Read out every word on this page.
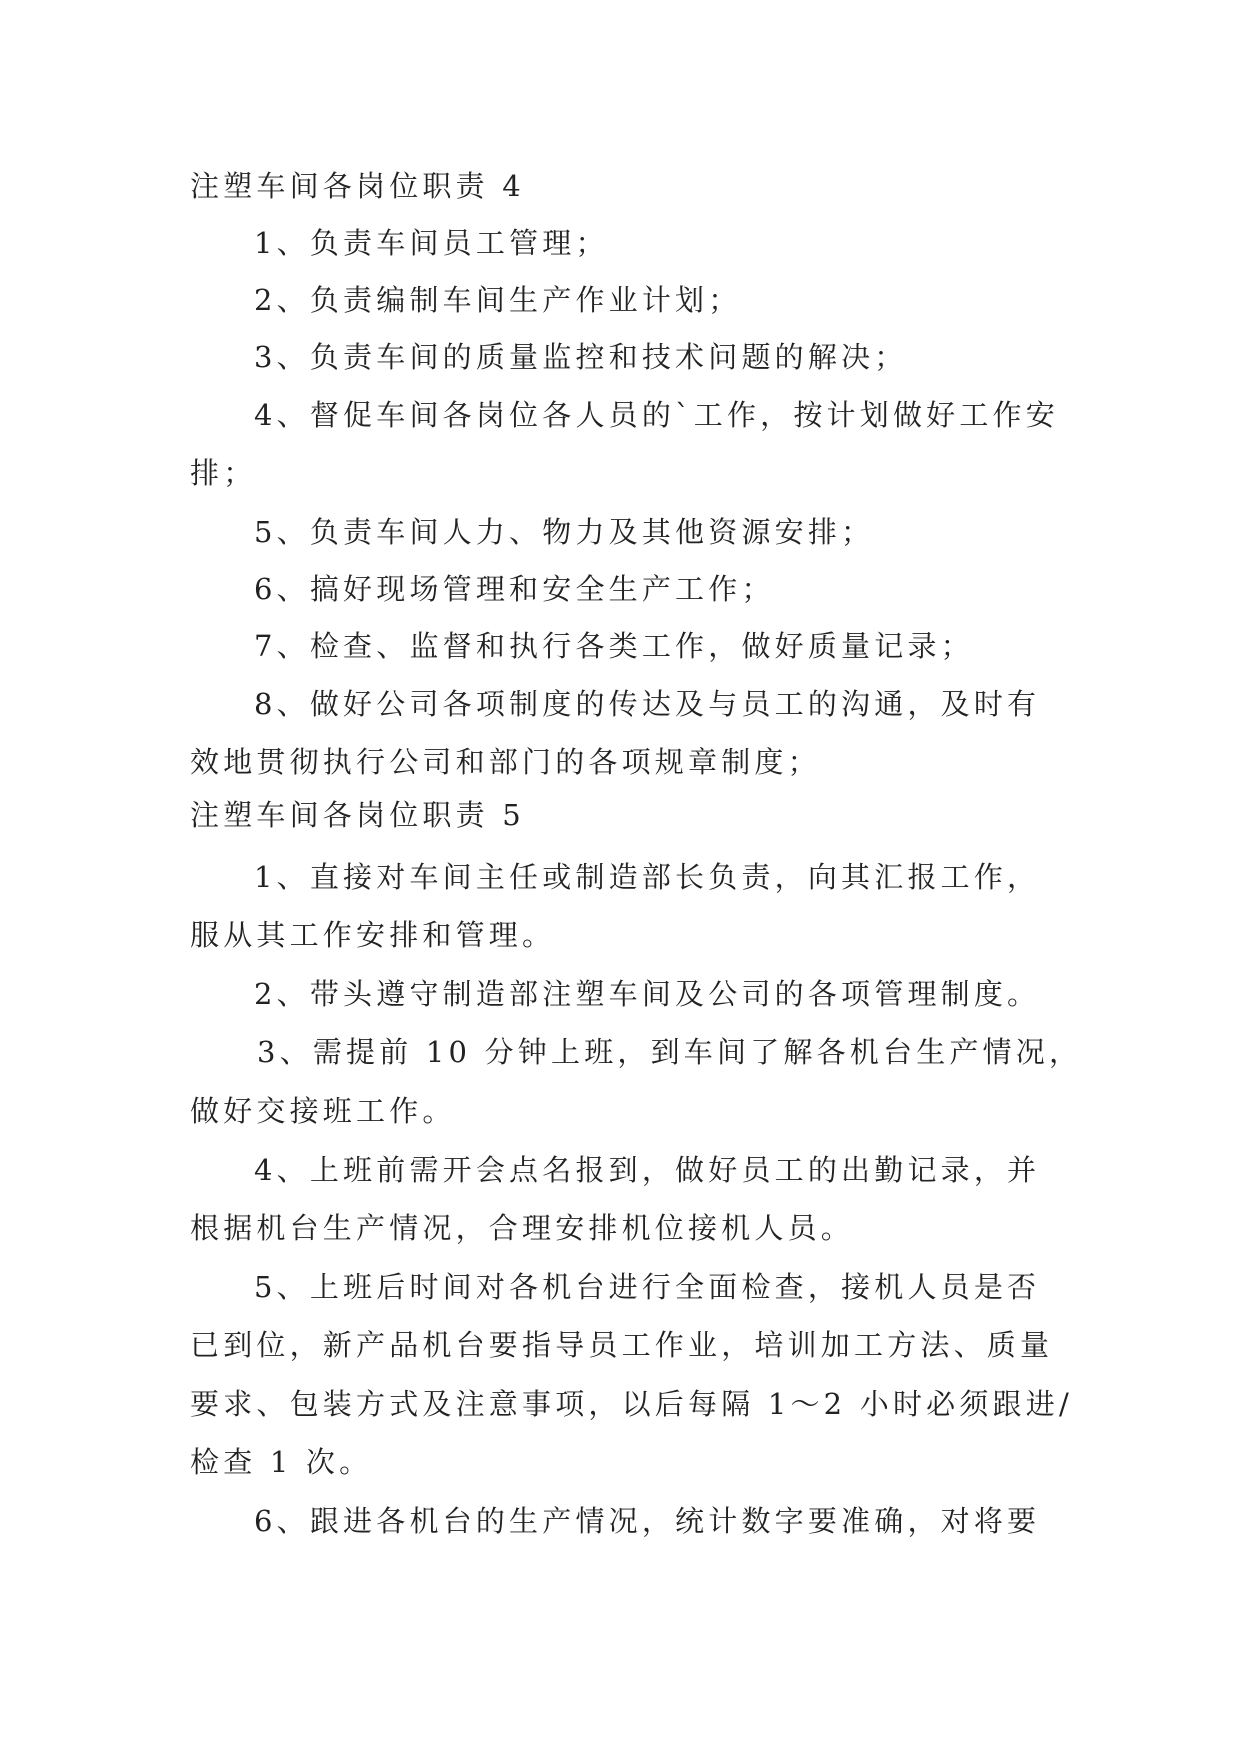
注塑车间各岗位职责 4

1、负责车间员工管理；

2、负责编制车间生产作业计划；

3、负责车间的质量监控和技术问题的解决；

4、督促车间各岗位各人员的`工作，按计划做好工作安

排；

5、负责车间人力、物力及其他资源安排；

6、搞好现场管理和安全生产工作；

7、检查、监督和执行各类工作，做好质量记录；

8、做好公司各项制度的传达及与员工的沟通，及时有

效地贯彻执行公司和部门的各项规章制度；

注塑车间各岗位职责 5

1、直接对车间主任或制造部长负责，向其汇报工作，

服从其工作安排和管理。

2、带头遵守制造部注塑车间及公司的各项管理制度。

3、需提前 10 分钟上班，到车间了解各机台生产情况，

做好交接班工作。

4、上班前需开会点名报到，做好员工的出勤记录，并

根据机台生产情况，合理安排机位接机人员。

5、上班后时间对各机台进行全面检查，接机人员是否

已到位，新产品机台要指导员工作业，培训加工方法、质量

要求、包装方式及注意事项，以后每隔 1～2 小时必须跟进/

检查 1 次。

6、跟进各机台的生产情况，统计数字要准确，对将要
